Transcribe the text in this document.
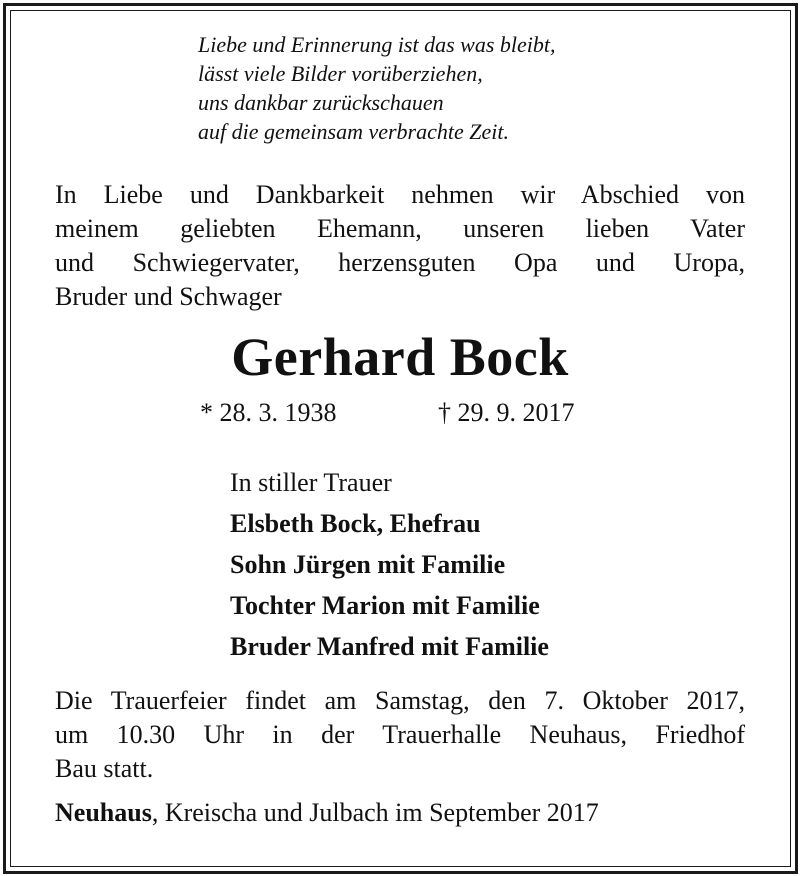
Liebe und Erinnerung ist das was bleibt,
lässt viele Bilder vorüberziehen,
uns dankbar zurückschauen
auf die gemeinsam verbrachte Zeit.
In Liebe und Dankbarkeit nehmen wir Abschied von
meinem geliebten Ehemann, unseren lieben Vater
und Schwiegervater, herzensguten Opa und Uropa,
Bruder und Schwager
Gerhard Bock
* 28. 3. 1938	† 29. 9. 2017
In stiller Trauer
Elsbeth Bock, Ehefrau
Sohn Jürgen mit Familie
Tochter Marion mit Familie
Bruder Manfred mit Familie
Die Trauerfeier findet am Samstag, den 7. Oktober 2017,
um 10.30 Uhr in der Trauerhalle Neuhaus, Friedhof
Bau statt.
Neuhaus, Kreischa und Julbach im September 2017
